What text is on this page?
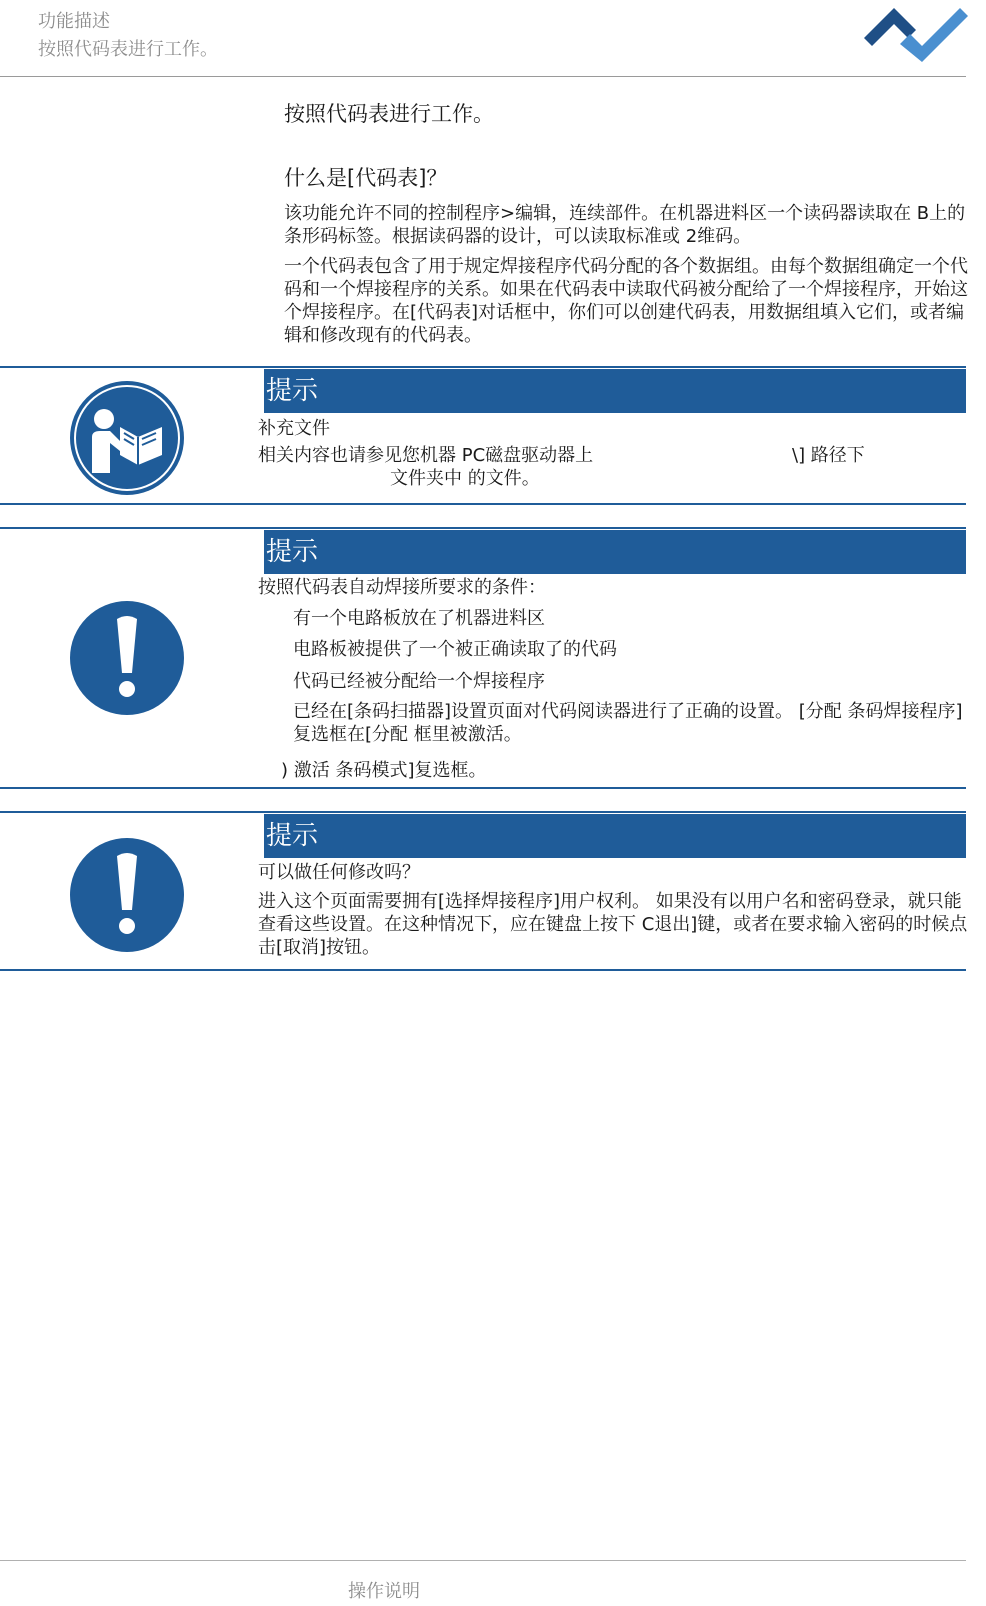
功能描述
按照代码表进行工作。
按照代码表进行工作。
什么是[代码表]？
该功能允许不同的控制程序>编辑，连续部件。在机器进料区一个读码器读取在 B上的条形码标签。根据读码器的设计，可以读取标准或 2维码。
一个代码表包含了用于规定焊接程序代码分配的各个数据组。由每个数据组确定一个代码和一个焊接程序的关系。如果在代码表中读取代码被分配给了一个焊接程序，开始这个焊接程序。在[代码表]对话框中，你们可以创建代码表，用数据组填入它们，或者编辑和修改现有的代码表。
提示
补充文件
相关内容也请参见您机器 PC磁盘驱动器上	\] 路径下
文件夹中 的文件。
提示
按照代码表自动焊接所要求的条件：
有一个电路板放在了机器进料区
电路板被提供了一个被正确读取了的代码
代码已经被分配给一个焊接程序
已经在[条码扫描器]设置页面对代码阅读器进行了正确的设置。 [分配 条码焊接程序]复选框在[分配 框里被激活。
) 激活 条码模式]复选框。
提示
可以做任何修改吗？
进入这个页面需要拥有[选择焊接程序]用户权利。 如果没有以用户名和密码登录，就只能查看这些设置。在这种情况下，应在键盘上按下 C退出]键，或者在要求输入密码的时候点击[取消]按钮。
操作说明
